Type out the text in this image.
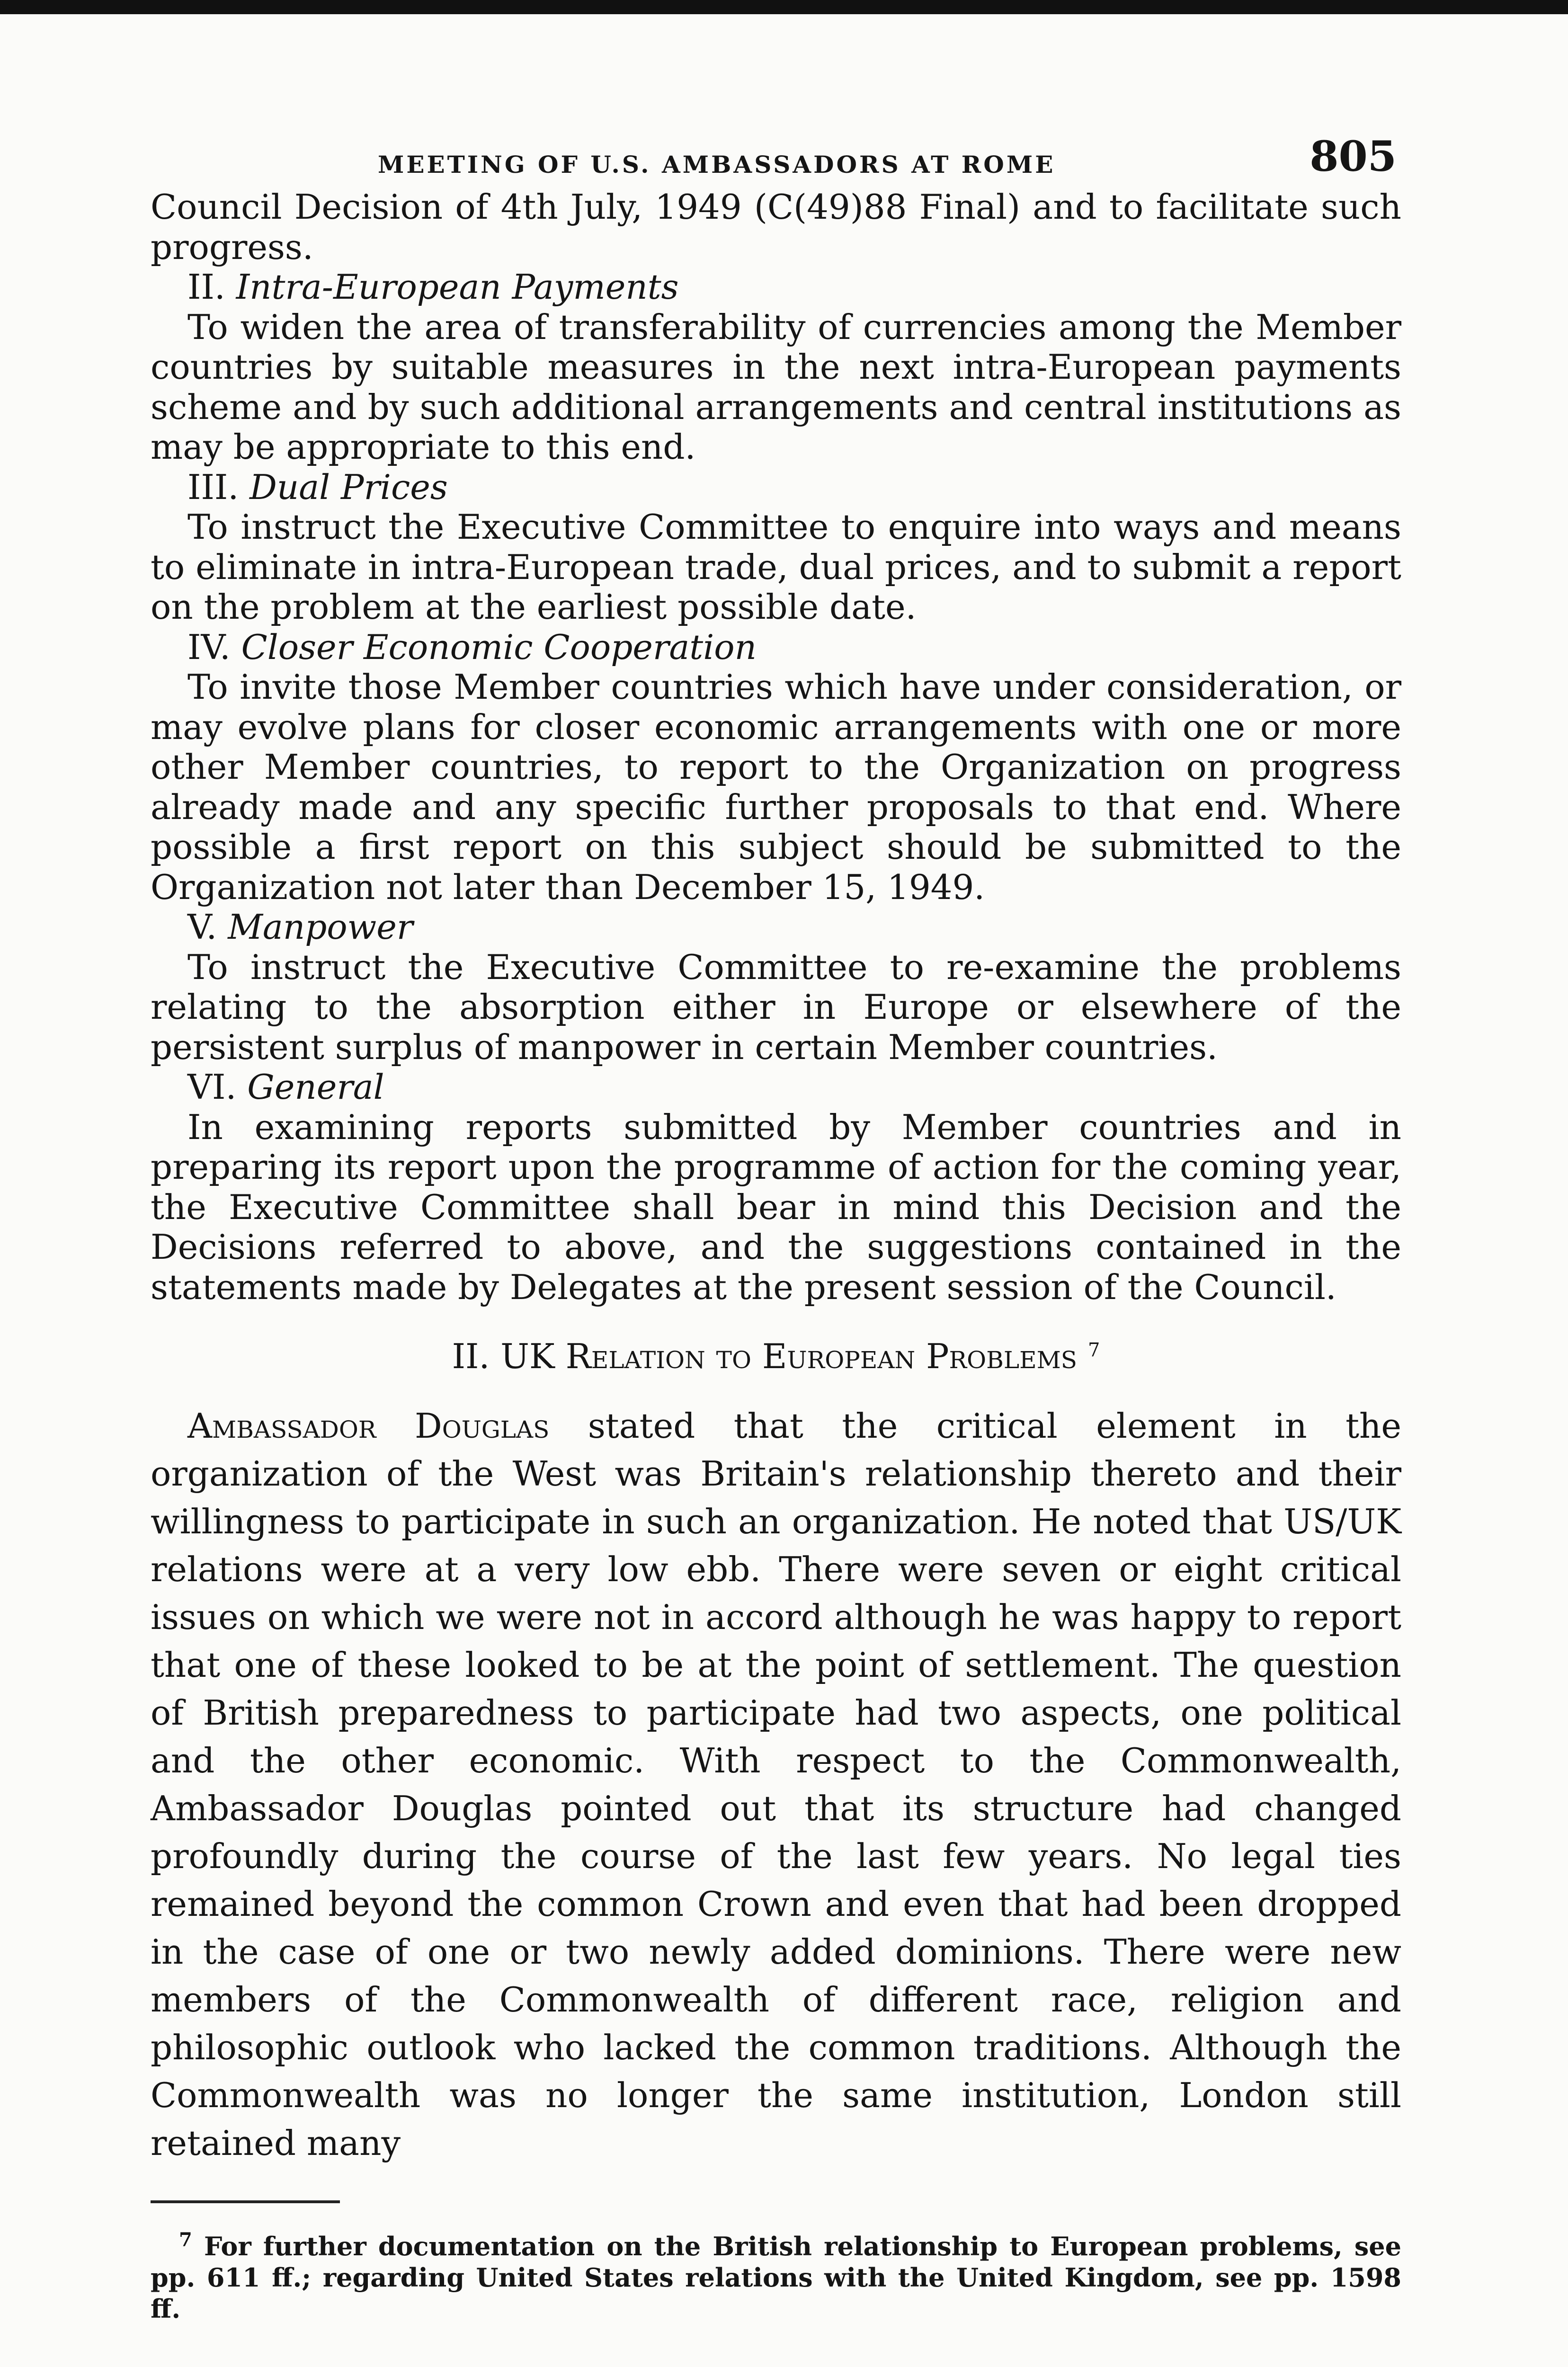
MEETING OF U.S. AMBASSADORS AT ROME	805

Council Decision of 4th July, 1949 (C(49)88 Final) and to facilitate such progress.

II. Intra-European Payments

To widen the area of transferability of currencies among the Member countries by suitable measures in the next intra-European payments scheme and by such additional arrangements and central institutions as may be appropriate to this end.

III. Dual Prices

To instruct the Executive Committee to enquire into ways and means to eliminate in intra-European trade, dual prices, and to submit a report on the problem at the earliest possible date.

IV. Closer Economic Cooperation

To invite those Member countries which have under consideration, or may evolve plans for closer economic arrangements with one or more other Member countries, to report to the Organization on progress already made and any specific further proposals to that end. Where possible a first report on this subject should be submitted to the Organization not later than December 15, 1949.

V. Manpower

To instruct the Executive Committee to re-examine the problems relating to the absorption either in Europe or elsewhere of the persistent surplus of manpower in certain Member countries.

VI. General

In examining reports submitted by Member countries and in preparing its report upon the programme of action for the coming year, the Executive Committee shall bear in mind this Decision and the Decisions referred to above, and the suggestions contained in the statements made by Delegates at the present session of the Council.

II. UK Relation to European Problems $^7$

Ambassador Douglas stated that the critical element in the organization of the West was Britain's relationship thereto and their willingness to participate in such an organization. He noted that US/UK relations were at a very low ebb. There were seven or eight critical issues on which we were not in accord although he was happy to report that one of these looked to be at the point of settlement. The question of British preparedness to participate had two aspects, one political and the other economic. With respect to the Commonwealth, Ambassador Douglas pointed out that its structure had changed profoundly during the course of the last few years. No legal ties remained beyond the common Crown and even that had been dropped in the case of one or two newly added dominions. There were new members of the Commonwealth of different race, religion and philosophic outlook who lacked the common traditions. Although the Commonwealth was no longer the same institution, London still retained many

$^7$ For further documentation on the British relationship to European problems, see pp. 611 ff.; regarding United States relations with the United Kingdom, see pp. 1598 ff.
